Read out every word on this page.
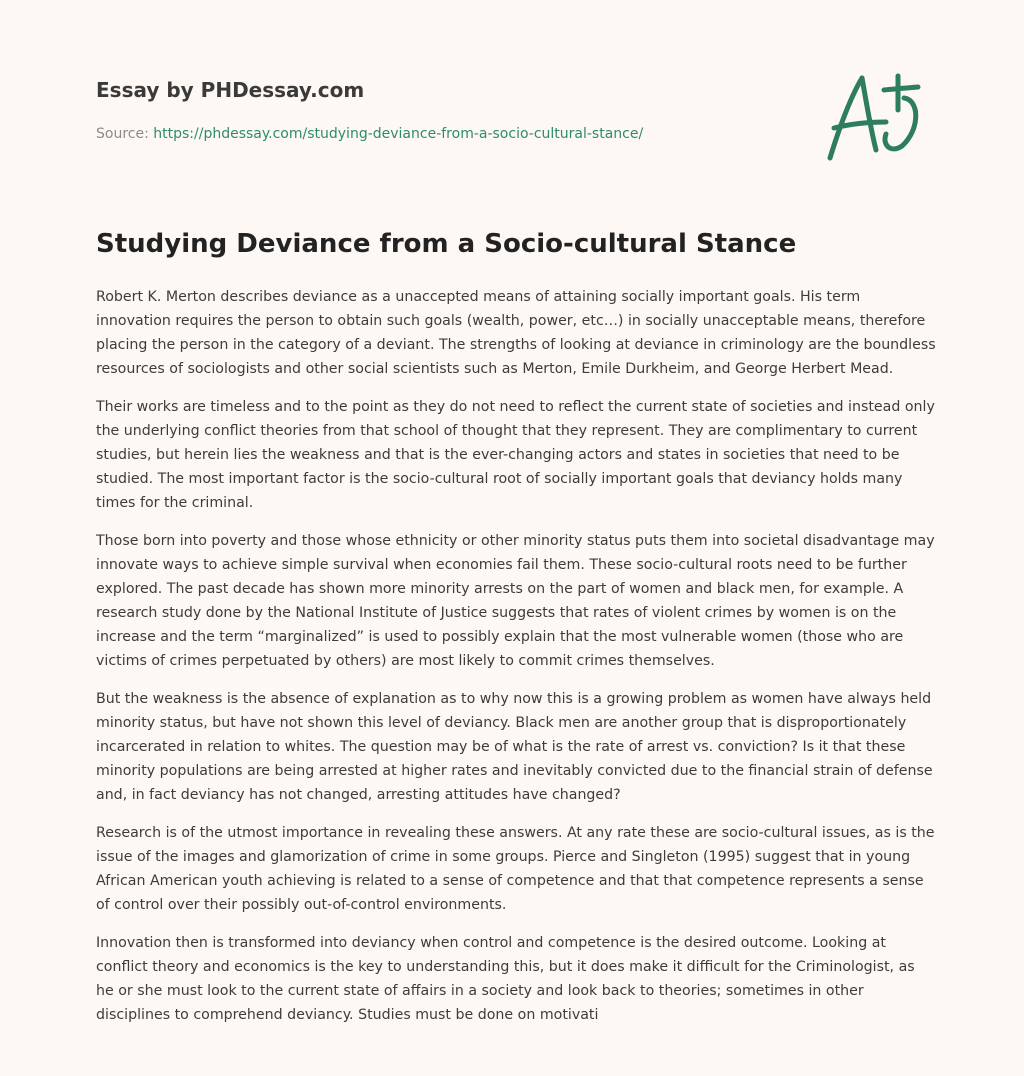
Essay by PHDessay.com
Source: https://phdessay.com/studying-deviance-from-a-socio-cultural-stance/
Studying Deviance from a Socio-cultural Stance

Robert K. Merton describes deviance as a unaccepted means of attaining socially important goals. His term innovation requires the person to obtain such goals (wealth, power, etc…) in socially unacceptable means, therefore placing the person in the category of a deviant. The strengths of looking at deviance in criminology are the boundless resources of sociologists and other social scientists such as Merton, Emile Durkheim, and George Herbert Mead.

Their works are timeless and to the point as they do not need to reflect the current state of societies and instead only the underlying conflict theories from that school of thought that they represent. They are complimentary to current studies, but herein lies the weakness and that is the ever-changing actors and states in societies that need to be studied. The most important factor is the socio-cultural root of socially important goals that deviancy holds many times for the criminal.

Those born into poverty and those whose ethnicity or other minority status puts them into societal disadvantage may innovate ways to achieve simple survival when economies fail them. These socio-cultural roots need to be further explored. The past decade has shown more minority arrests on the part of women and black men, for example. A research study done by the National Institute of Justice suggests that rates of violent crimes by women is on the increase and the term “marginalized” is used to possibly explain that the most vulnerable women (those who are victims of crimes perpetuated by others) are most likely to commit crimes themselves.

But the weakness is the absence of explanation as to why now this is a growing problem as women have always held minority status, but have not shown this level of deviancy. Black men are another group that is disproportionately incarcerated in relation to whites. The question may be of what is the rate of arrest vs. conviction? Is it that these minority populations are being arrested at higher rates and inevitably convicted due to the financial strain of defense and, in fact deviancy has not changed, arresting attitudes have changed?

Research is of the utmost importance in revealing these answers. At any rate these are socio-cultural issues, as is the issue of the images and glamorization of crime in some groups. Pierce and Singleton (1995) suggest that in young African American youth achieving is related to a sense of competence and that that competence represents a sense of control over their possibly out-of-control environments.

Innovation then is transformed into deviancy when control and competence is the desired outcome. Looking at conflict theory and economics is the key to understanding this, but it does make it difficult for the Criminologist, as he or she must look to the current state of affairs in a society and look back to theories; sometimes in other disciplines to comprehend deviancy. Studies must be done on motivati
